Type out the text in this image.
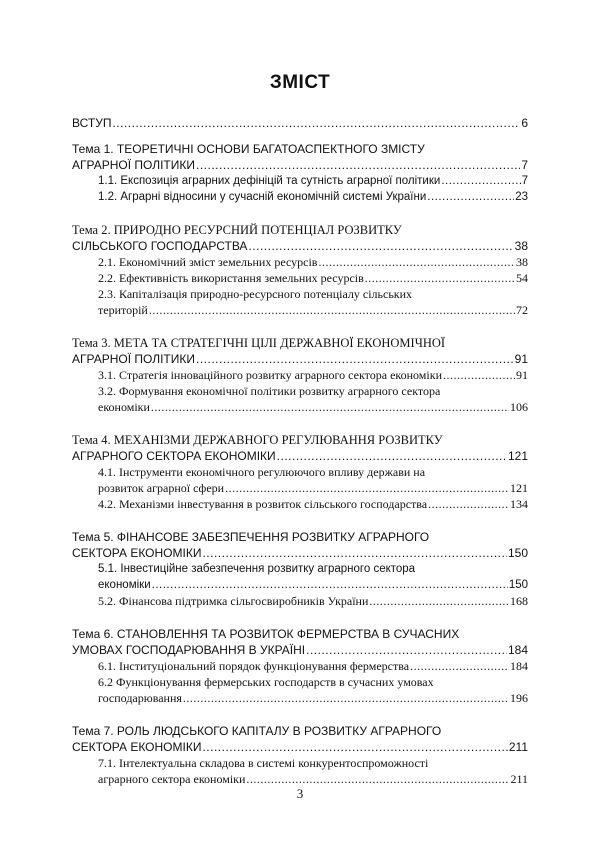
ЗМІСТ
ВСТУП .....	6
Тема 1. ТЕОРЕТИЧНІ ОСНОВИ БАГАТОАСПЕКТНОГО ЗМІСТУ
АГРАРНОЇ ПОЛІТИКИ .....	7
1.1. Експозиція аграрних дефініцій та сутність аграрної політики .....	7
1.2. Аграрні відносини у сучасній економічній системі України .....	23
Тема 2. ПРИРОДНО РЕСУРСНИЙ ПОТЕНЦІАЛ РОЗВИТКУ
СІЛЬСЬКОГО ГОСПОДАРСТВА .....	38
2.1. Економічний зміст земельних ресурсів .....	38
2.2. Ефективність використання земельних ресурсів .....	54
2.3. Капіталізація природно-ресурсного потенціалу сільських
територій .....	72
Тема 3. МЕТА ТА СТРАТЕГІЧНІ ЦІЛІ ДЕРЖАВНОЇ ЕКОНОМІЧНОЇ
АГРАРНОЇ ПОЛІТИКИ .....	91
3.1. Стратегія інноваційного розвитку аграрного сектора економіки .....	91
3.2. Формування економічної політики розвитку аграрного сектора
економіки .....	106
Тема 4. МЕХАНІЗМИ ДЕРЖАВНОГО РЕГУЛЮВАННЯ РОЗВИТКУ
АГРАРНОГО СЕКТОРА ЕКОНОМІКИ .....	121
4.1. Інструменти економічного регулюючого впливу держави на
розвиток аграрної сфери .....	121
4.2. Механізми інвестування в розвиток сільського господарства .....	134
Тема 5. ФІНАНСОВЕ ЗАБЕЗПЕЧЕННЯ РОЗВИТКУ АГРАРНОГО
СЕКТОРА ЕКОНОМІКИ .....	150
5.1. Інвестиційне забезпечення розвитку аграрного сектора
економіки .....	150
5.2. Фінансова підтримка сільгосвиробників України .....	168
Тема 6. СТАНОВЛЕННЯ ТА РОЗВИТОК ФЕРМЕРСТВА В СУЧАСНИХ
УМОВАХ ГОСПОДАРЮВАННЯ В УКРАЇНІ .....	184
6.1. Інституціональний порядок функціонування фермерства .....	184
6.2 Функціонування фермерських господарств в сучасних умовах
господарювання .....	196
Тема 7. РОЛЬ ЛЮДСЬКОГО КАПІТАЛУ В РОЗВИТКУ АГРАРНОГО
СЕКТОРА ЕКОНОМІКИ .....	211
7.1. Інтелектуальна складова в системі конкурентоспроможності
аграрного сектора економіки .....	211
3
